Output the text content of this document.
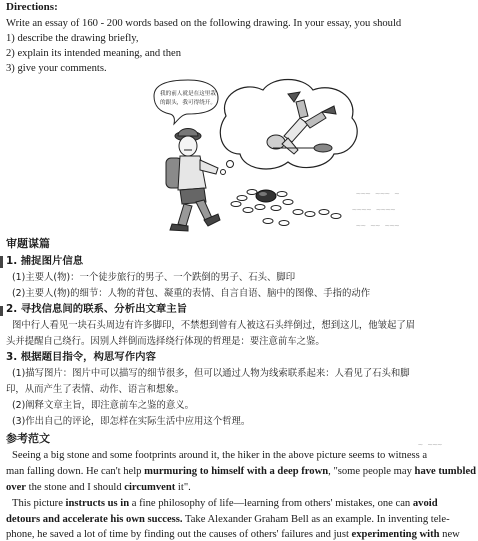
Directions:
Write an essay of 160 - 200 words based on the following drawing. In your essay, you should
1) describe the drawing briefly,
2) explain its intended meaning, and then
3) give your comments.
我的前人就是在这里栽
的跟头，我可得绕开。
~~~ ~~~ ~
~~~~ ~~~~
~~ ~~ ~~~
~ ~~~
审题谋篇
1. 捕捉图片信息
(1)主要人(物)：一个徒步旅行的男子、一个跌倒的男子、石头、脚印
(2)主要人(物)的细节：人物的背包、凝重的表情、自言自语、脑中的图像、手指的动作
2. 寻找信息间的联系、分析出文章主旨
图中行人看见一块石头周边有许多脚印，不禁想到曾有人被这石头绊倒过，想到这儿，他皱起了眉
头并提醒自己绕行。因别人绊倒而选择绕行体现的哲理是：要注意前车之鉴。
3. 根据题目指令，构思写作内容
(1)描写图片：图片中可以描写的细节很多，但可以通过人物为线索联系起来：人看见了石头和脚
印，从而产生了表情、动作、语言和想象。
(2)阐释文章主旨，即注意前车之鉴的意义。
(3)作出自己的评论，即怎样在实际生活中应用这个哲理。
参考范文
Seeing a big stone and some footprints around it, the hiker in the above picture seems to witness a
man falling down. He can't help murmuring to himself with a deep frown, "some people may have tumbled
over the stone and I should circumvent it".
This picture instructs us in a fine philosophy of life—learning from others' mistakes, one can avoid
detours and accelerate his own success. Take Alexander Graham Bell as an example. In inventing tele-
phone, he saved a lot of time by finding out the causes of others' failures and just experimenting with new
